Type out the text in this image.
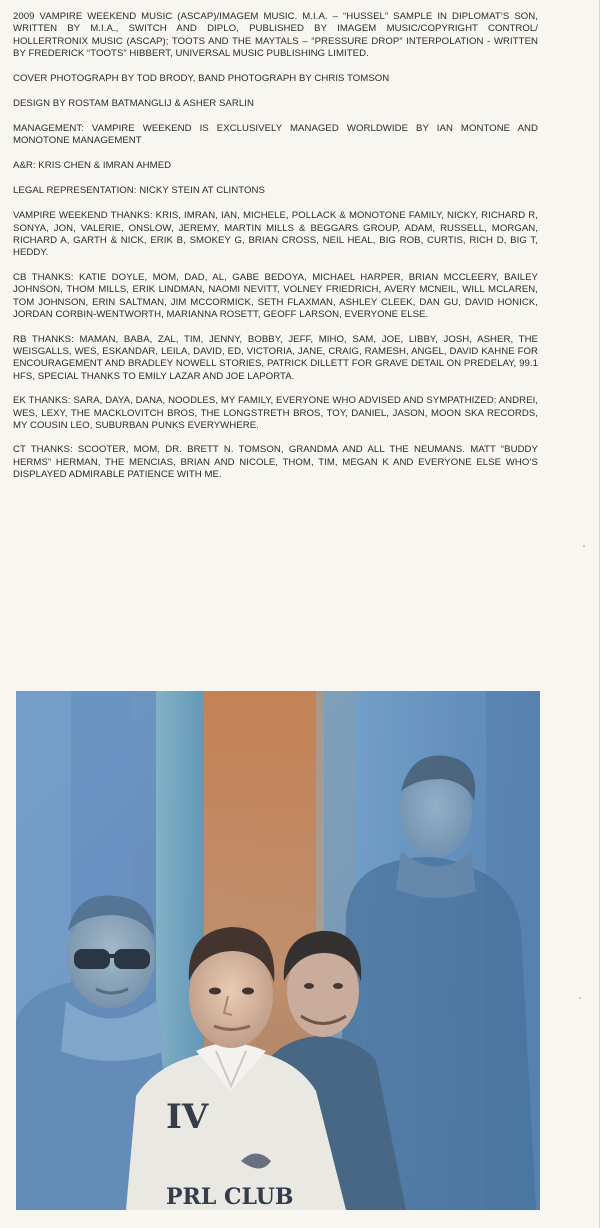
2009 VAMPIRE WEEKEND MUSIC (ASCAP)/IMAGEM MUSIC. M.I.A. – “HUSSEL” SAMPLE IN DIPLOMAT’S SON, WRITTEN BY M.I.A., SWITCH AND DIPLO, PUBLISHED BY IMAGEM MUSIC/COPYRIGHT CONTROL/ HOLLERTRONIX MUSIC (ASCAP); TOOTS AND THE MAYTALS – “PRESSURE DROP” INTERPOLATION - WRITTEN BY FREDERICK “TOOTS” HIBBERT, UNIVERSAL MUSIC PUBLISHING LIMITED.

COVER PHOTOGRAPH BY TOD BRODY, BAND PHOTOGRAPH BY CHRIS TOMSON

DESIGN BY ROSTAM BATMANGLIJ & ASHER SARLIN

MANAGEMENT: VAMPIRE WEEKEND IS EXCLUSIVELY MANAGED WORLDWIDE BY IAN MONTONE AND MONOTONE MANAGEMENT

A&R: KRIS CHEN & IMRAN AHMED

LEGAL REPRESENTATION: NICKY STEIN AT CLINTONS

VAMPIRE WEEKEND THANKS: KRIS, IMRAN, IAN, MICHELE, POLLACK & MONOTONE FAMILY, NICKY, RICHARD R, SONYA, JON, VALERIE, ONSLOW, JEREMY, MARTIN MILLS & BEGGARS GROUP, ADAM, RUSSELL, MORGAN, RICHARD A, GARTH & NICK, ERIK B, SMOKEY G, BRIAN CROSS, NEIL HEAL, BIG ROB, CURTIS, RICH D, BIG T, HEDDY.

CB THANKS: KATIE DOYLE, MOM, DAD, AL, GABE BEDOYA, MICHAEL HARPER, BRIAN MCCLEERY, BAILEY JOHNSON, THOM MILLS, ERIK LINDMAN, NAOMI NEVITT, VOLNEY FRIEDRICH, AVERY MCNEIL, WILL MCLAREN, TOM JOHNSON, ERIN SALTMAN, JIM MCCORMICK, SETH FLAXMAN, ASHLEY CLEEK, DAN GU, DAVID HONICK, JORDAN CORBIN-WENTWORTH, MARIANNA ROSETT, GEOFF LARSON, EVERYONE ELSE.

RB THANKS: MAMAN, BABA, ZAL, TIM, JENNY, BOBBY, JEFF, MIHO, SAM, JOE, LIBBY, JOSH, ASHER, THE WEISGALLS, WES, ESKANDAR, LEILA, DAVID, ED, VICTORIA, JANE, CRAIG, RAMESH, ANGEL, DAVID KAHNE FOR ENCOURAGEMENT AND BRADLEY NOWELL STORIES, PATRICK DILLETT FOR GRAVE DETAIL ON PREDELAY, 99.1 HFS, SPECIAL THANKS TO EMILY LAZAR AND JOE LAPORTA.

EK THANKS: SARA, DAYA, DANA, NOODLES, MY FAMILY, EVERYONE WHO ADVISED AND SYMPATHIZED: ANDREI, WES, LEXY, THE MACKLOVITCH BROS, THE LONGSTRETH BROS, TOY, DANIEL, JASON, MOON SKA RECORDS, MY COUSIN LEO, SUBURBAN PUNKS EVERYWHERE.

CT THANKS: SCOOTER, MOM, DR. BRETT N. TOMSON, GRANDMA AND ALL THE NEUMANS. MATT “BUDDY HERMS” HERMAN, THE MENCIAS, BRIAN AND NICOLE, THOM, TIM, MEGAN K AND EVERYONE ELSE WHO’S DISPLAYED ADMIRABLE PATIENCE WITH ME.

IV
PRL CLUB
